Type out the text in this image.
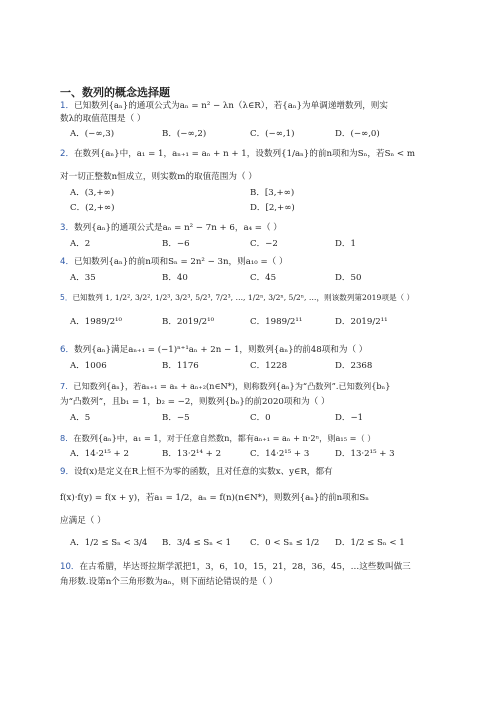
一、数列的概念选择题
1．已知数列{aₙ}的通项公式为aₙ = n² − λn（λ∈R），若{aₙ}为单调递增数列，则实
数λ的取值范围是（ ）
A．(−∞,3)	B．(−∞,2)	C．(−∞,1)	D．(−∞,0)
2．在数列{aₙ}中，a₁ = 1，aₙ₊₁ = aₙ + n + 1，设数列{1/aₙ}的前n项和为Sₙ，若Sₙ < m
对一切正整数n恒成立，则实数m的取值范围为（ ）
A．(3,+∞)	B．[3,+∞)
C．(2,+∞)	D．[2,+∞)
3．数列{aₙ}的通项公式是aₙ = n² − 7n + 6，a₄ =（ ）
A．2	B．−6	C．−2	D．1
4．已知数列{aₙ}的前n项和Sₙ = 2n² − 3n，则a₁₀ =（ ）
A．35	B．40	C．45	D．50
5．已知数列 1, 1/2², 3/2², 1/2³, 3/2³, 5/2³, 7/2³, …, 1/2ⁿ, 3/2ⁿ, 5/2ⁿ, …，则该数列第2019项是（ ）
A．1989/2¹⁰	B．2019/2¹⁰	C．1989/2¹¹	D．2019/2¹¹
6．数列{aₙ}满足aₙ₊₁ = (−1)ⁿ⁺¹aₙ + 2n − 1，则数列{aₙ}的前48项和为（ ）
A．1006	B．1176	C．1228	D．2368
7．已知数列{aₙ}，若aₙ₊₁ = aₙ + aₙ₊₂(n∈N*)，则称数列{aₙ}为“凸数列”.已知数列{bₙ}
为“凸数列”，且b₁ = 1，b₂ = −2，则数列{bₙ}的前2020项和为（ ）
A．5	B．−5	C．0	D．−1
8．在数列{aₙ}中，a₁ = 1，对于任意自然数n，都有aₙ₊₁ = aₙ + n·2ⁿ，则a₁₅ =（ ）
A．14·2¹⁵ + 2	B．13·2¹⁴ + 2	C．14·2¹⁵ + 3	D．13·2¹⁵ + 3
9．设f(x)是定义在R上恒不为零的函数，且对任意的实数x、y∈R，都有
f(x)·f(y) = f(x + y)，若a₁ = 1/2，aₙ = f(n)(n∈N*)，则数列{aₙ}的前n项和Sₙ
应满足（ ）
A．1/2 ≤ Sₙ < 3/4 B．3/4 ≤ Sₙ < 1 C．0 < Sₙ ≤ 1/2 D．1/2 ≤ Sₙ < 1
10．在古希腊，毕达哥拉斯学派把1，3，6，10，15，21，28，36，45，…这些数叫做三
角形数.设第n个三角形数为aₙ，则下面结论错误的是（ ）
